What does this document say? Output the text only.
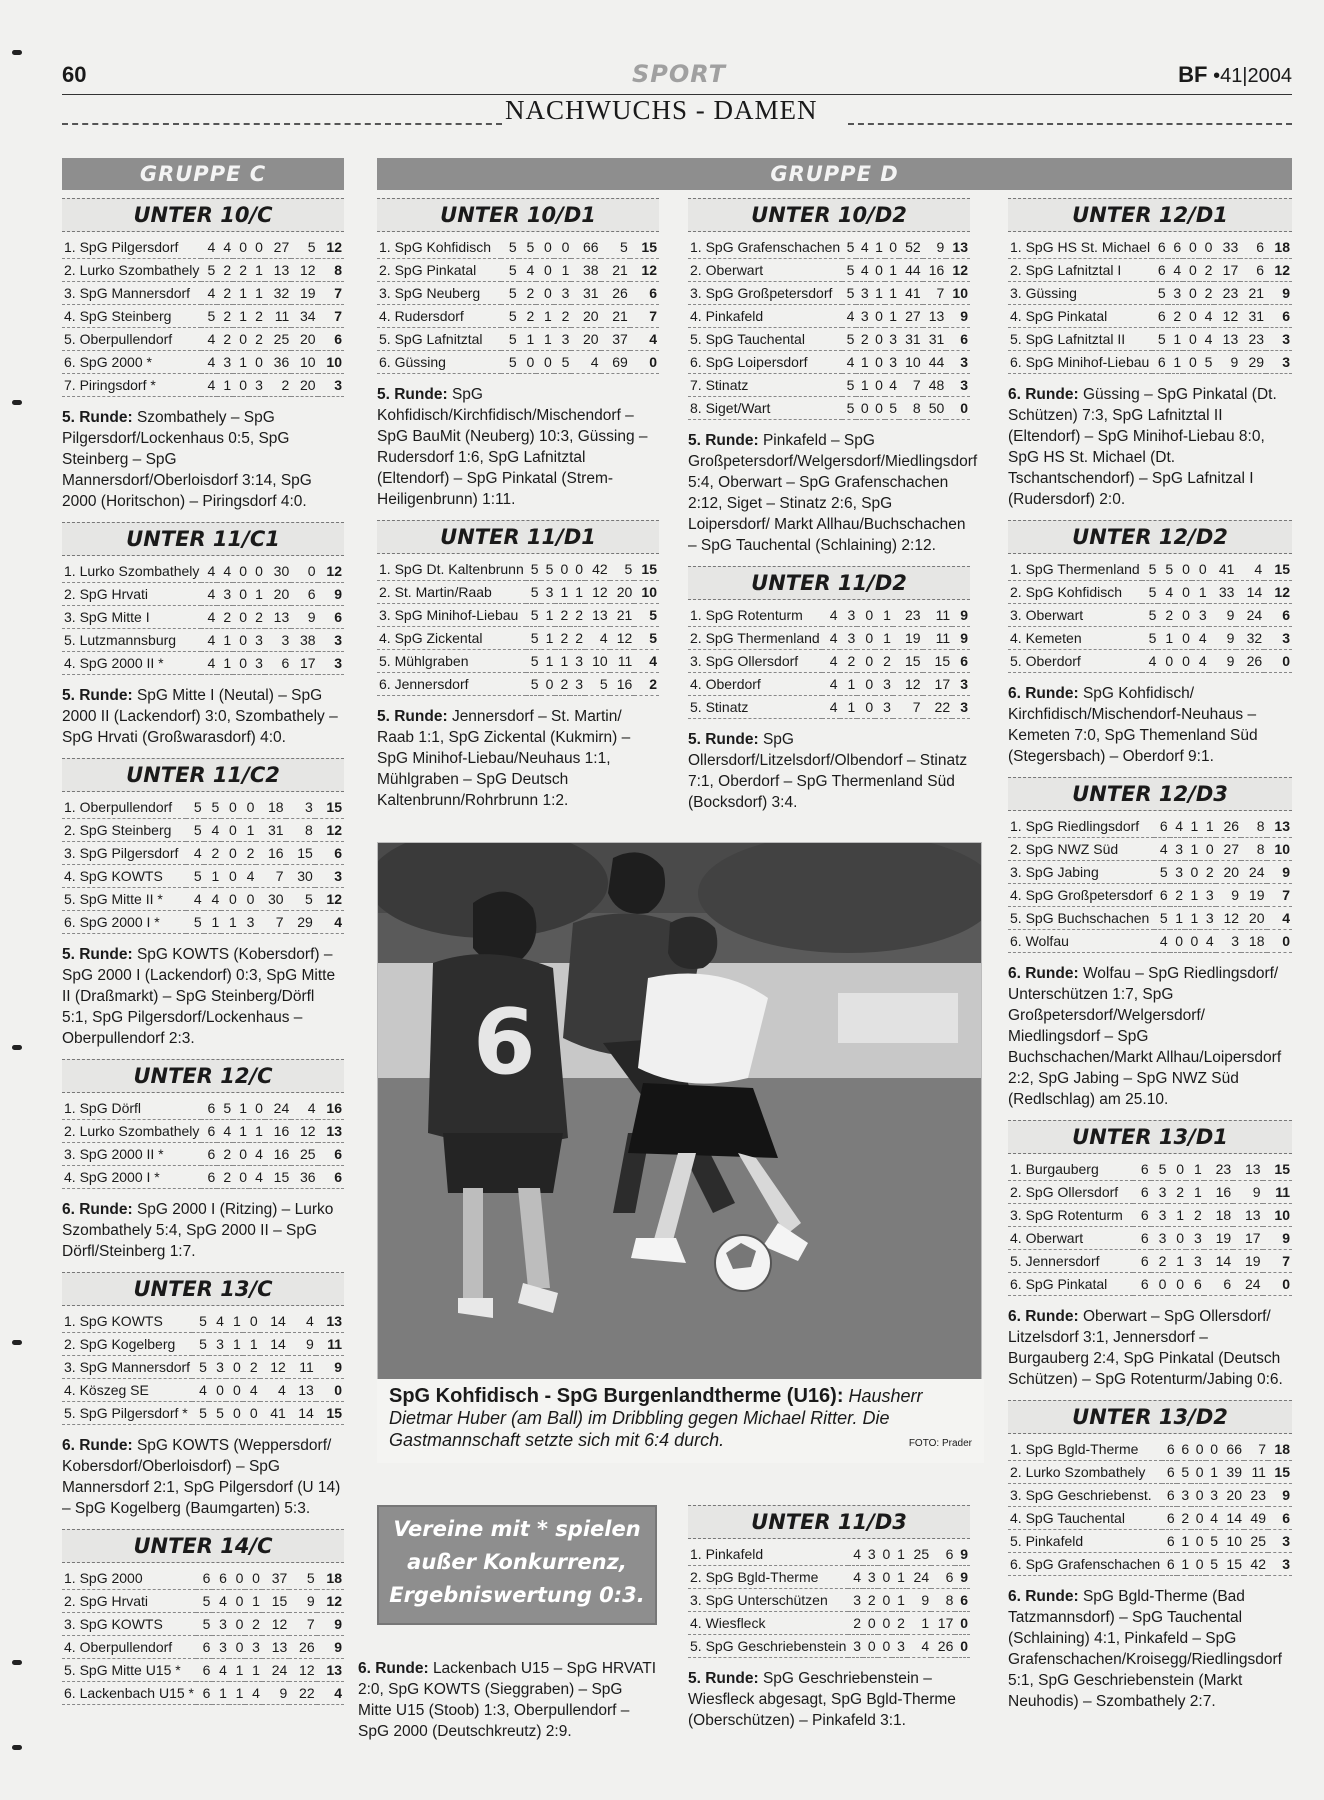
60	SPORT	BF •41|2004
NACHWUCHS - DAMEN
GRUPPE C	GRUPPE D
UNTER 10/C
1. SpG Pilgersdorf	4	4	0	0	27	5	12
2. Lurko Szombathely	5	2	2	1	13	12	8
3. SpG Mannersdorf	4	2	1	1	32	19	7
4. SpG Steinberg	5	2	1	2	11	34	7
5. Oberpullendorf	4	2	0	2	25	20	6
6. SpG 2000 *	4	3	1	0	36	10	10
7. Piringsdorf *	4	1	0	3	2	20	3
5. Runde: Szombathely – SpG Pilgersdorf/Lockenhaus 0:5, SpG Steinberg – SpG Mannersdorf/Oberloisdorf 3:14, SpG 2000 (Horitschon) – Piringsdorf 4:0.
UNTER 11/C1
1. Lurko Szombathely	4	4	0	0	30	0	12
2. SpG Hrvati	4	3	0	1	20	6	9
3. SpG Mitte I	4	2	0	2	13	9	6
5. Lutzmannsburg	4	1	0	3	3	38	3
4. SpG 2000 II *	4	1	0	3	6	17	3
5. Runde: SpG Mitte I (Neutal) – SpG 2000 II (Lackendorf) 3:0, Szombathely – SpG Hrvati (Großwarasdorf) 4:0.
UNTER 11/C2
1. Oberpullendorf	5	5	0	0	18	3	15
2. SpG Steinberg	5	4	0	1	31	8	12
3. SpG Pilgersdorf	4	2	0	2	16	15	6
4. SpG KOWTS	5	1	0	4	7	30	3
5. SpG Mitte II *	4	4	0	0	30	5	12
6. SpG 2000 I *	5	1	1	3	7	29	4
5. Runde: SpG KOWTS (Kobersdorf) – SpG 2000 I (Lackendorf) 0:3, SpG Mitte II (Draßmarkt) – SpG Steinberg/Dörfl 5:1, SpG Pilgersdorf/Lockenhaus – Oberpullendorf 2:3.
UNTER 12/C
1. SpG Dörfl	6	5	1	0	24	4	16
2. Lurko Szombathely	6	4	1	1	16	12	13
3. SpG 2000 II *	6	2	0	4	16	25	6
4. SpG 2000 I *	6	2	0	4	15	36	6
6. Runde: SpG 2000 I (Ritzing) – Lurko Szombathely 5:4, SpG 2000 II – SpG Dörfl/Steinberg 1:7.
UNTER 13/C
1. SpG KOWTS	5	4	1	0	14	4	13
2. SpG Kogelberg	5	3	1	1	14	9	11
3. SpG Mannersdorf	5	3	0	2	12	11	9
4. Köszeg SE	4	0	0	4	4	13	0
5. SpG Pilgersdorf *	5	5	0	0	41	14	15
6. Runde: SpG KOWTS (Weppersdorf/ Kobersdorf/Oberloisdorf) – SpG Mannersdorf 2:1, SpG Pilgersdorf (U 14) – SpG Kogelberg (Baumgarten) 5:3.
UNTER 14/C
1. SpG 2000	6	6	0	0	37	5	18
2. SpG Hrvati	5	4	0	1	15	9	12
3. SpG KOWTS	5	3	0	2	12	7	9
4. Oberpullendorf	6	3	0	3	13	26	9
5. SpG Mitte U15 *	6	4	1	1	24	12	13
6. Lackenbach U15 *	6	1	1	4	9	22	4
UNTER 10/D1
1. SpG Kohfidisch	5	5	0	0	66	5	15
2. SpG Pinkatal	5	4	0	1	38	21	12
3. SpG Neuberg	5	2	0	3	31	26	6
4. Rudersdorf	5	2	1	2	20	21	7
5. SpG Lafnitztal	5	1	1	3	20	37	4
6. Güssing	5	0	0	5	4	69	0
5. Runde: SpG Kohfidisch/Kirchfidisch/Mischendorf – SpG BauMit (Neuberg) 10:3, Güssing – Rudersdorf 1:6, SpG Lafnitztal (Eltendorf) – SpG Pinkatal (Strem-Heiligenbrunn) 1:11.
UNTER 11/D1
1. SpG Dt. Kaltenbrunn	5	5	0	0	42	5	15
2. St. Martin/Raab	5	3	1	1	12	20	10
3. SpG Minihof-Liebau	5	1	2	2	13	21	5
4. SpG Zickental	5	1	2	2	4	12	5
5. Mühlgraben	5	1	1	3	10	11	4
6. Jennersdorf	5	0	2	3	5	16	2
5. Runde: Jennersdorf – St. Martin/ Raab 1:1, SpG Zickental (Kukmirn) – SpG Minihof-Liebau/Neuhaus 1:1, Mühlgraben – SpG Deutsch Kaltenbrunn/Rohrbrunn 1:2.
UNTER 10/D2
1. SpG Grafenschachen	5	4	1	0	52	9	13
2. Oberwart	5	4	0	1	44	16	12
3. SpG Großpetersdorf	5	3	1	1	41	7	10
4. Pinkafeld	4	3	0	1	27	13	9
5. SpG Tauchental	5	2	0	3	31	31	6
6. SpG Loipersdorf	4	1	0	3	10	44	3
7. Stinatz	5	1	0	4	7	48	3
8. Siget/Wart	5	0	0	5	8	50	0
5. Runde: Pinkafeld – SpG Großpetersdorf/Welgersdorf/Miedlingsdorf 5:4, Oberwart – SpG Grafenschachen 2:12, Siget – Stinatz 2:6, SpG Loipersdorf/ Markt Allhau/Buchschachen – SpG Tauchental (Schlaining) 2:12.
UNTER 11/D2
1. SpG Rotenturm	4	3	0	1	23	11	9
2. SpG Thermenland	4	3	0	1	19	11	9
3. SpG Ollersdorf	4	2	0	2	15	15	6
4. Oberdorf	4	1	0	3	12	17	3
5. Stinatz	4	1	0	3	7	22	3
5. Runde: SpG Ollersdorf/Litzelsdorf/Olbendorf – Stinatz 7:1, Oberdorf – SpG Thermenland Süd (Bocksdorf) 3:4.
UNTER 12/D1
1. SpG HS St. Michael	6	6	0	0	33	6	18
2. SpG Lafnitztal I	6	4	0	2	17	6	12
3. Güssing	5	3	0	2	23	21	9
4. SpG Pinkatal	6	2	0	4	12	31	6
5. SpG Lafnitztal II	5	1	0	4	13	23	3
6. SpG Minihof-Liebau	6	1	0	5	9	29	3
6. Runde: Güssing – SpG Pinkatal (Dt. Schützen) 7:3, SpG Lafnitztal II (Eltendorf) – SpG Minihof-Liebau 8:0, SpG HS St. Michael (Dt. Tschantschendorf) – SpG Lafnitzal I (Rudersdorf) 2:0.
UNTER 12/D2
1. SpG Thermenland	5	5	0	0	41	4	15
2. SpG Kohfidisch	5	4	0	1	33	14	12
3. Oberwart	5	2	0	3	9	24	6
4. Kemeten	5	1	0	4	9	32	3
5. Oberdorf	4	0	0	4	9	26	0
6. Runde: SpG Kohfidisch/ Kirchfidisch/Mischendorf-Neuhaus – Kemeten 7:0, SpG Themenland Süd (Stegersbach) – Oberdorf 9:1.
UNTER 12/D3
1. SpG Riedlingsdorf	6	4	1	1	26	8	13
2. SpG NWZ Süd	4	3	1	0	27	8	10
3. SpG Jabing	5	3	0	2	20	24	9
4. SpG Großpetersdorf	6	2	1	3	9	19	7
5. SpG Buchschachen	5	1	1	3	12	20	4
6. Wolfau	4	0	0	4	3	18	0
6. Runde: Wolfau – SpG Riedlingsdorf/ Unterschützen 1:7, SpG Großpetersdorf/Welgersdorf/ Miedlingsdorf – SpG Buchschachen/Markt Allhau/Loipersdorf 2:2, SpG Jabing – SpG NWZ Süd (Redlschlag) am 25.10.
UNTER 13/D1
1. Burgauberg	6	5	0	1	23	13	15
2. SpG Ollersdorf	6	3	2	1	16	9	11
3. SpG Rotenturm	6	3	1	2	18	13	10
4. Oberwart	6	3	0	3	19	17	9
5. Jennersdorf	6	2	1	3	14	19	7
6. SpG Pinkatal	6	0	0	6	6	24	0
6. Runde: Oberwart – SpG Ollersdorf/ Litzelsdorf 3:1, Jennersdorf – Burgauberg 2:4, SpG Pinkatal (Deutsch Schützen) – SpG Rotenturm/Jabing 0:6.
UNTER 13/D2
1. SpG Bgld-Therme	6	6	0	0	66	7	18
2. Lurko Szombathely	6	5	0	1	39	11	15
3. SpG Geschriebenst.	6	3	0	3	20	23	9
4. SpG Tauchental	6	2	0	4	14	49	6
5. Pinkafeld	6	1	0	5	10	25	3
6. SpG Grafenschachen	6	1	0	5	15	42	3
6. Runde: SpG Bgld-Therme (Bad Tatzmannsdorf) – SpG Tauchental (Schlaining) 4:1, Pinkafeld – SpG Grafenschachen/Kroisegg/Riedlingsdorf 5:1, SpG Geschriebenstein (Markt Neuhodis) – Szombathely 2:7.
6. Runde: Lackenbach U15 – SpG HRVATI 2:0, SpG KOWTS (Sieggraben) – SpG Mitte U15 (Stoob) 1:3, Oberpullendorf – SpG 2000 (Deutschkreutz) 2:9.
UNTER 11/D3
1. Pinkafeld	4	3	0	1	25	6	9
2. SpG Bgld-Therme	4	3	0	1	24	6	9
3. SpG Unterschützen	3	2	0	1	9	8	6
4. Wiesfleck	2	0	0	2	1	17	0
5. SpG Geschriebenstein	3	0	0	3	4	26	0
5. Runde: SpG Geschriebenstein – Wiesfleck abgesagt, SpG Bgld-Therme (Oberschützen) – Pinkafeld 3:1.
6
SpG Kohfidisch - SpG Burgenlandtherme (U16): Hausherr Dietmar Huber (am Ball) im Dribbling gegen Michael Ritter. Die Gastmannschaft setzte sich mit 6:4 durch.	FOTO: Prader
Vereine mit * spielen
außer Konkurrenz,
Ergebniswertung 0:3.
